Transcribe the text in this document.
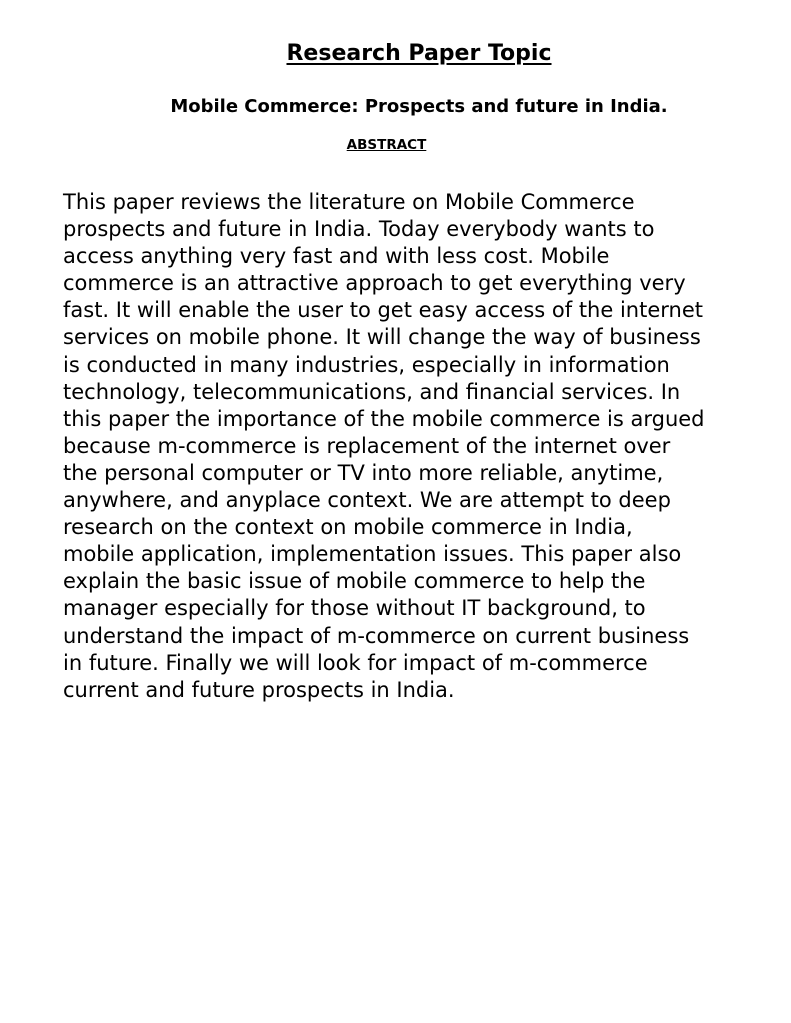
Research Paper Topic
Mobile Commerce: Prospects and future in India.
ABSTRACT

This paper reviews the literature on Mobile Commerce
prospects and future in India. Today everybody wants to
access anything very fast and with less cost. Mobile
commerce is an attractive approach to get everything very
fast. It will enable the user to get easy access of the internet
services on mobile phone. It will change the way of business
is conducted in many industries, especially in information
technology, telecommunications, and financial services. In
this paper the importance of the mobile commerce is argued
because m-commerce is replacement of the internet over
the personal computer or TV into more reliable, anytime,
anywhere, and anyplace context. We are attempt to deep
research on the context on mobile commerce in India,
mobile application, implementation issues. This paper also
explain the basic issue of mobile commerce to help the
manager especially for those without IT background, to
understand the impact of m-commerce on current business
in future. Finally we will look for impact of m-commerce
current and future prospects in India.
